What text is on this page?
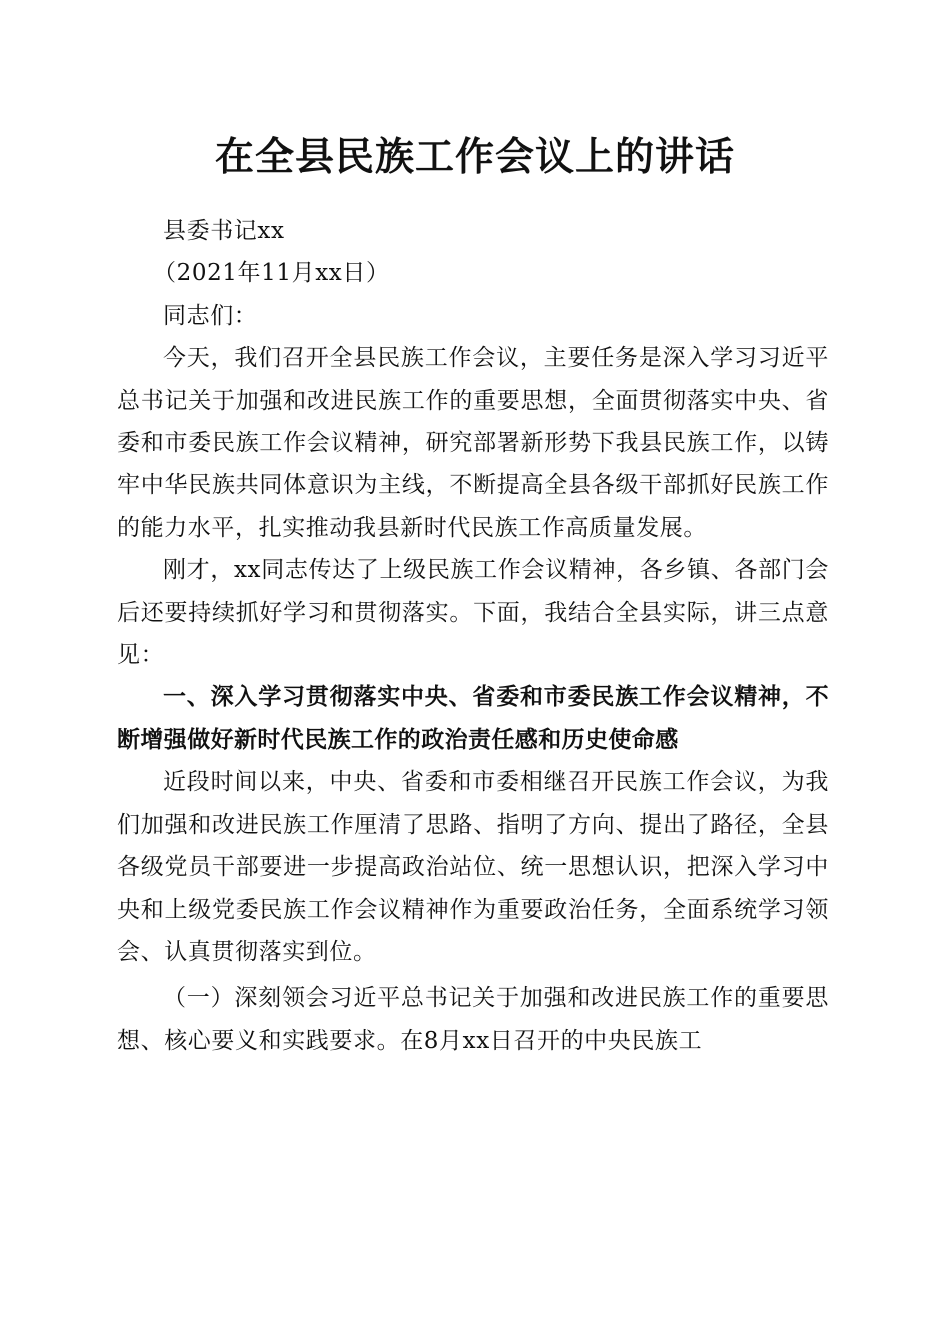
在全县民族工作会议上的讲话

县委书记xx

（2021年11月xx日）

同志们：

今天，我们召开全县民族工作会议，主要任务是深入学习习近平总书记关于加强和改进民族工作的重要思想，全面贯彻落实中央、省委和市委民族工作会议精神，研究部署新形势下我县民族工作，以铸牢中华民族共同体意识为主线，不断提高全县各级干部抓好民族工作的能力水平，扎实推动我县新时代民族工作高质量发展。

刚才，xx同志传达了上级民族工作会议精神，各乡镇、各部门会后还要持续抓好学习和贯彻落实。下面，我结合全县实际，讲三点意见：

一、深入学习贯彻落实中央、省委和市委民族工作会议精神，不断增强做好新时代民族工作的政治责任感和历史使命感

近段时间以来，中央、省委和市委相继召开民族工作会议，为我们加强和改进民族工作厘清了思路、指明了方向、提出了路径，全县各级党员干部要进一步提高政治站位、统一思想认识，把深入学习中央和上级党委民族工作会议精神作为重要政治任务，全面系统学习领会、认真贯彻落实到位。

（一）深刻领会习近平总书记关于加强和改进民族工作的重要思想、核心要义和实践要求。在8月xx日召开的中央民族工
